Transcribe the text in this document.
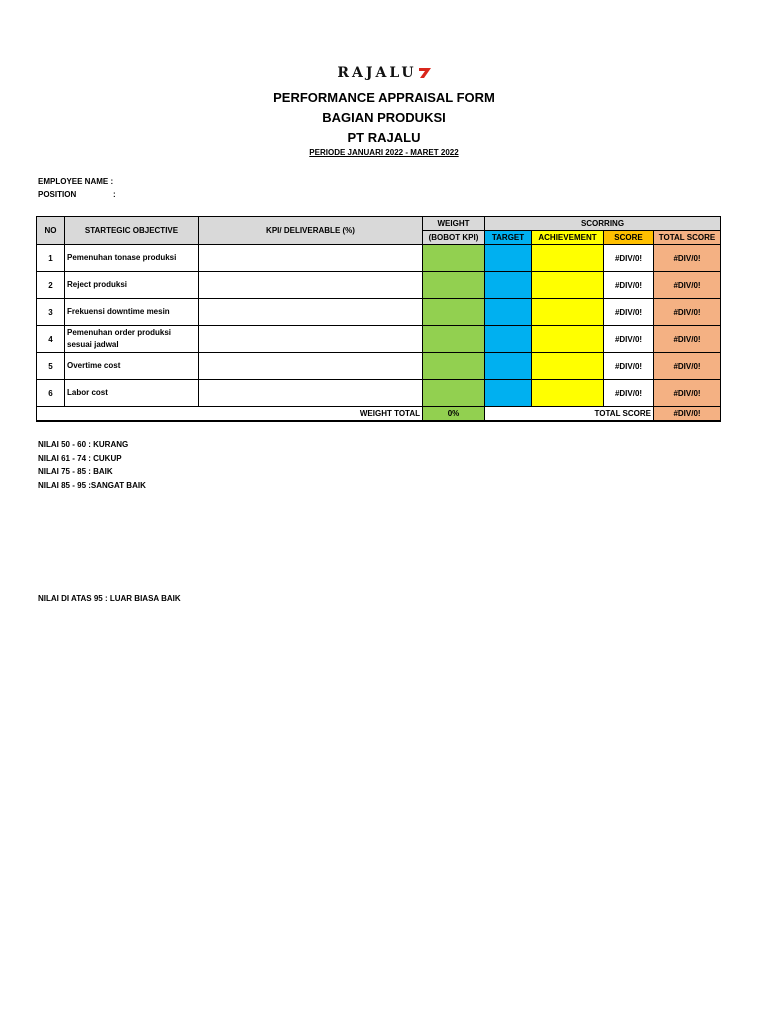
RAJALU
PERFORMANCE APPRAISAL FORM
BAGIAN PRODUKSI
PT RAJALU
PERIODE JANUARI 2022 - MARET 2022
EMPLOYEE NAME :
POSITION	:
NO	STARTEGIC OBJECTIVE	KPI/ DELIVERABLE (%)	WEIGHT	SCORRING			
			(BOBOT KPI)	TARGET	ACHIEVEMENT	SCORE	TOTAL SCORE
1	Pemenuhan tonase produksi					#DIV/0!	#DIV/0!
2	Reject produksi					#DIV/0!	#DIV/0!
3	Frekuensi downtime mesin					#DIV/0!	#DIV/0!
4	Pemenuhan order produksi sesuai jadwal					#DIV/0!	#DIV/0!
5	Overtime cost					#DIV/0!	#DIV/0!
6	Labor cost					#DIV/0!	#DIV/0!
WEIGHT TOTAL			0%	TOTAL SCORE			#DIV/0!
NILAI 50 - 60 : KURANG
NILAI 61 - 74 : CUKUP
NILAI 75 - 85 : BAIK
NILAI 85 - 95 :SANGAT BAIK
NILAI DI ATAS 95 : LUAR BIASA BAIK
